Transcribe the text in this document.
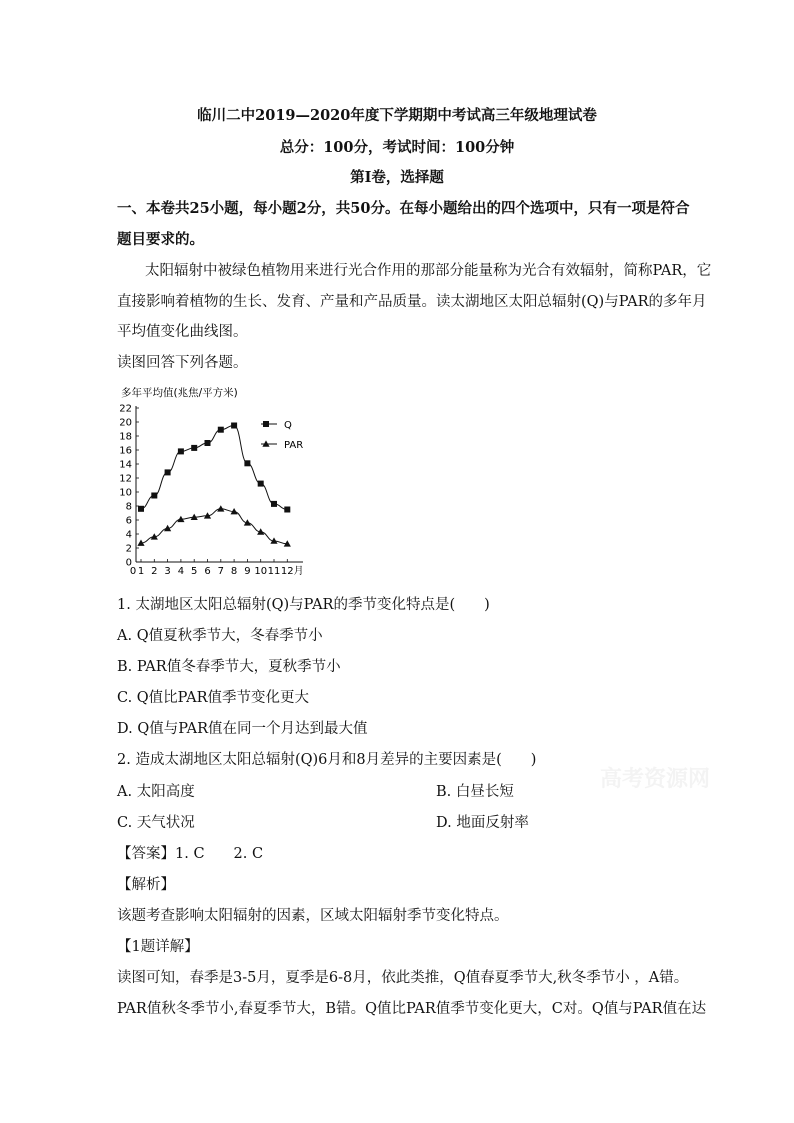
临川二中2019—2020年度下学期期中考试高三年级地理试卷
总分：100分，考试时间：100分钟
第Ⅰ卷，选择题
一、本卷共25小题，每小题2分，共50分。在每小题给出的四个选项中，只有一项是符合
题目要求的。
太阳辐射中被绿色植物用来进行光合作用的那部分能量称为光合有效辐射，简称PAR，它
直接影响着植物的生长、发育、产量和产品质量。读太湖地区太阳总辐射(Q)与PAR的多年月
平均值变化曲线图。
读图回答下列各题。
多年平均值(兆焦/平方米)
0
2
4
6
8
10
12
14
16
18
20
22
0 1 2 3 4 5 6 7 8 9 10 11 12月
Q
PAR
1. 太湖地区太阳总辐射(Q)与PAR的季节变化特点是(　　)
A. Q值夏秋季节大，冬春季节小
B. PAR值冬春季节大，夏秋季节小
C. Q值比PAR值季节变化更大
D. Q值与PAR值在同一个月达到最大值
2. 造成太湖地区太阳总辐射(Q)6月和8月差异的主要因素是(　　)
A. 太阳高度	B. 白昼长短
C. 天气状况	D. 地面反射率
【答案】1. C　　2. C
【解析】
该题考查影响太阳辐射的因素，区域太阳辐射季节变化特点。
【1题详解】
读图可知，春季是3-5月，夏季是6-8月，依此类推，Q值春夏季节大,秋冬季节小 ，A错。
PAR值秋冬季节小,春夏季节大，B错。Q值比PAR值季节变化更大，C对。Q值与PAR值在达
高考资源网
